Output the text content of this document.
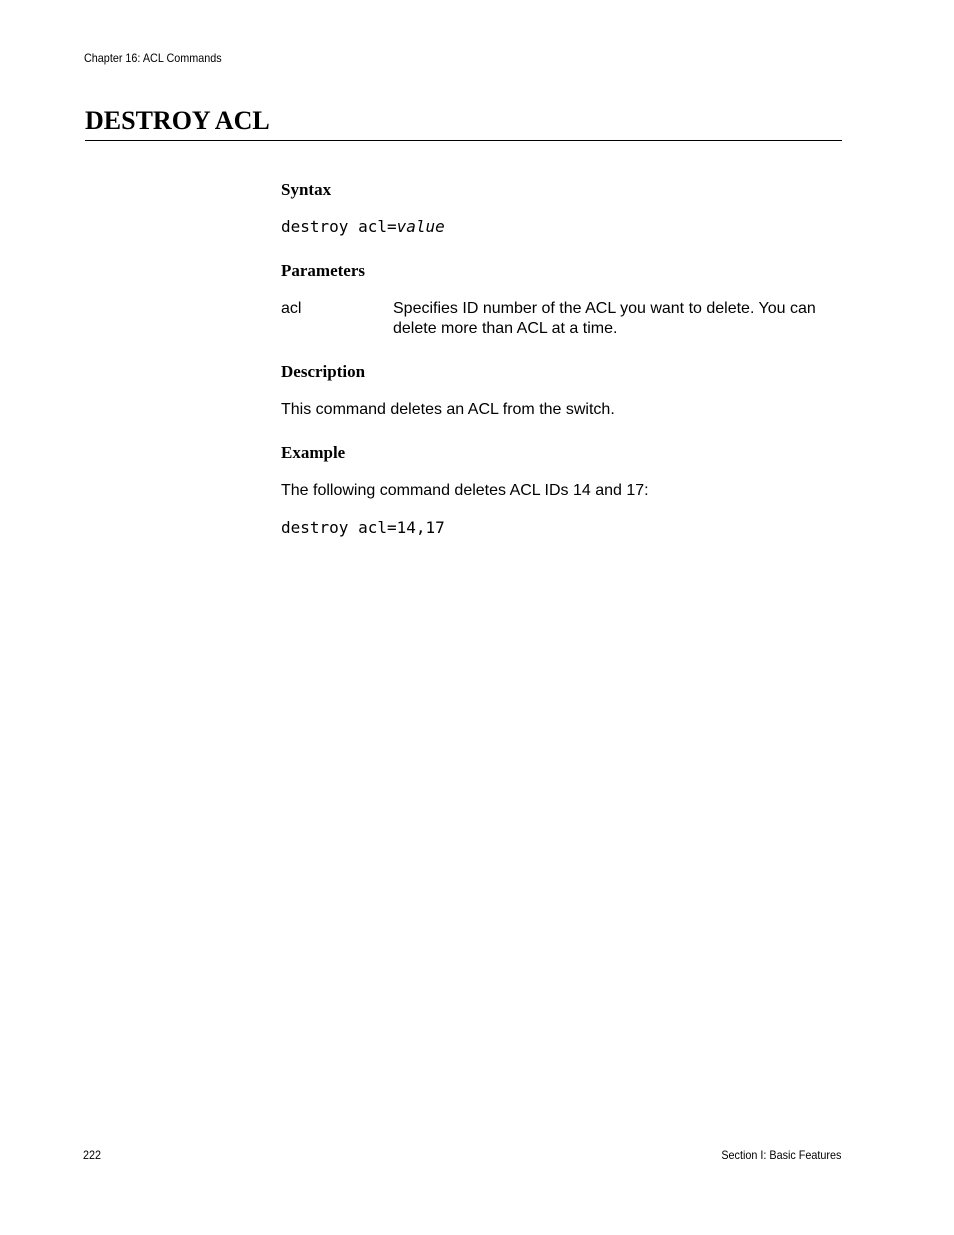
Chapter 16: ACL Commands
DESTROY ACL
Syntax
destroy acl=value
Parameters
acl	Specifies ID number of the ACL you want to delete. You can delete more than ACL at a time.
Description
This command deletes an ACL from the switch.
Example
The following command deletes ACL IDs 14 and 17:
destroy acl=14,17
222	Section I: Basic Features
